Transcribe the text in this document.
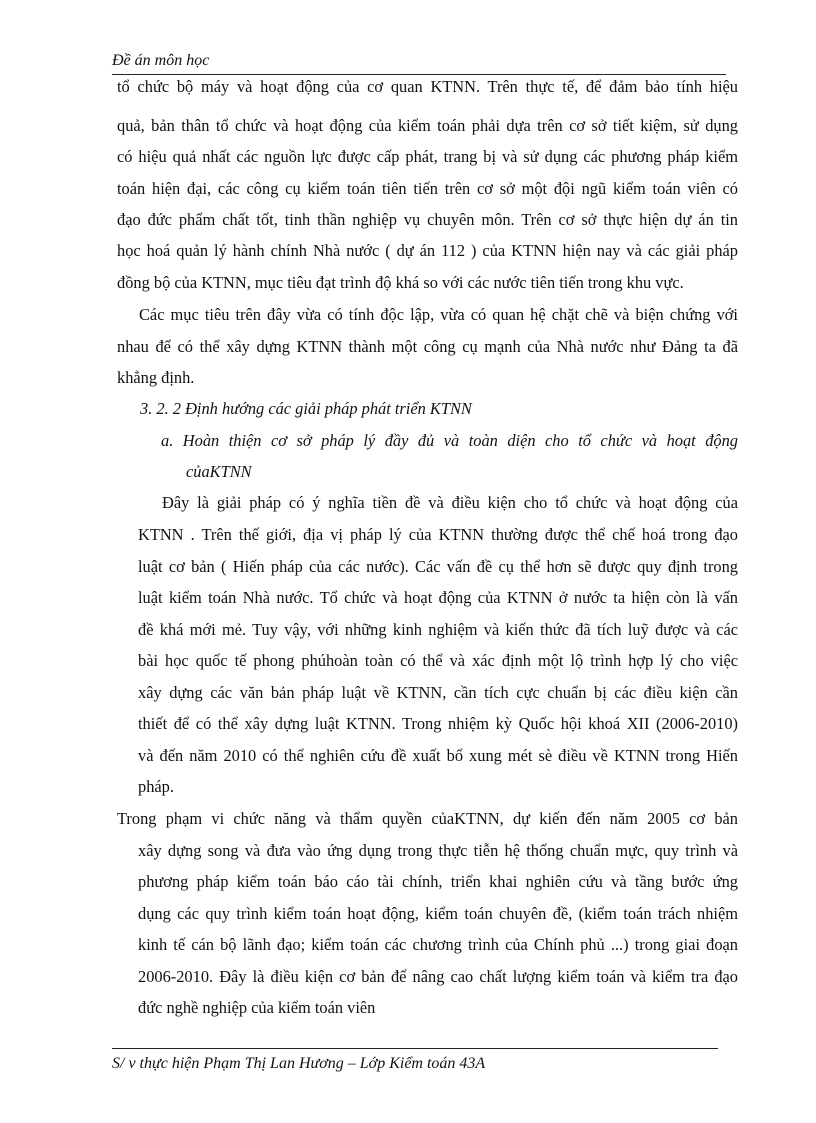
Đề án môn học
tổ chức bộ máy và hoạt động của cơ quan KTNN. Trên thực tế, để đảm bảo tính hiệu
quả, bản thân tổ chức và hoạt động của kiểm toán phải dựa trên cơ sở tiết kiệm, sử dụng
có hiệu quả nhất các nguồn lực được cấp phát, trang bị và sử dụng các phương pháp kiểm
toán hiện đại, các công cụ kiểm toán tiên tiến trên cơ sở một đội ngũ kiểm toán viên có
đạo đức phẩm chất tốt, tinh thần nghiệp vụ chuyên môn. Trên cơ sở thực hiện dự án tin
học hoá quản lý hành chính Nhà nước ( dự án 112 ) của KTNN hiện nay và các giải pháp
đồng bộ của KTNN, mục tiêu đạt trình độ khá so với các nước tiên tiến trong khu vực.
Các mục tiêu trên đây vừa có tính độc lập, vừa có quan hệ chặt chẽ và biện chứng với
nhau để có thể xây dựng KTNN thành một công cụ mạnh của Nhà nước như Đảng ta đã
khẳng định.
3. 2. 2 Định hướng các giải pháp phát triển KTNN
a. Hoàn thiện cơ sở pháp lý đầy đủ và toàn diện cho tổ chức và hoạt động
củaKTNN
Đây là giải pháp có ý nghĩa tiền đề và điều kiện cho tổ chức và hoạt động của
KTNN . Trên thế giới, địa vị pháp lý của KTNN thường được thể chế hoá trong đạo
luật cơ bản ( Hiến pháp của các nước). Các vấn đề cụ thể hơn sẽ được quy định trong
luật kiểm toán Nhà nước. Tổ chức và hoạt động của KTNN ở nước ta hiện còn là vấn
đề khá mới mẻ. Tuy vậy, với những kinh nghiệm và kiến thức đã tích luỹ được và các
bài học quốc tế phong phúhoàn toàn có thể và xác định một lộ trình hợp lý cho việc
xây dựng các văn bản pháp luật về KTNN, cần tích cực chuẩn bị các điều kiện cần
thiết để có thể xây dựng luật KTNN. Trong nhiệm kỳ Quốc hội khoá XII (2006-2010)
và đến năm 2010 có thể nghiên cứu đề xuất bổ xung mét sè điều về KTNN trong Hiến
pháp.
Trong phạm vi chức năng và thẩm quyền củaKTNN, dự kiến đến năm 2005 cơ bản
xây dựng song và đưa vào ứng dụng trong thực tiễn hệ thống chuẩn mực, quy trình và
phương pháp kiểm toán báo cáo tài chính, triển khai nghiên cứu và tầng bước ứng
dụng các quy trình kiểm toán hoạt động, kiểm toán chuyên đề, (kiểm toán trách nhiệm
kinh tế cán bộ lãnh đạo; kiểm toán các chương trình của Chính phủ ...) trong giai đoạn
2006-2010. Đây là điều kiện cơ bản để nâng cao chất lượng kiểm toán và kiểm tra đạo
đức nghề nghiệp của kiểm toán viên
S/ v thực hiện Phạm Thị Lan Hương – Lớp Kiểm toán 43A
